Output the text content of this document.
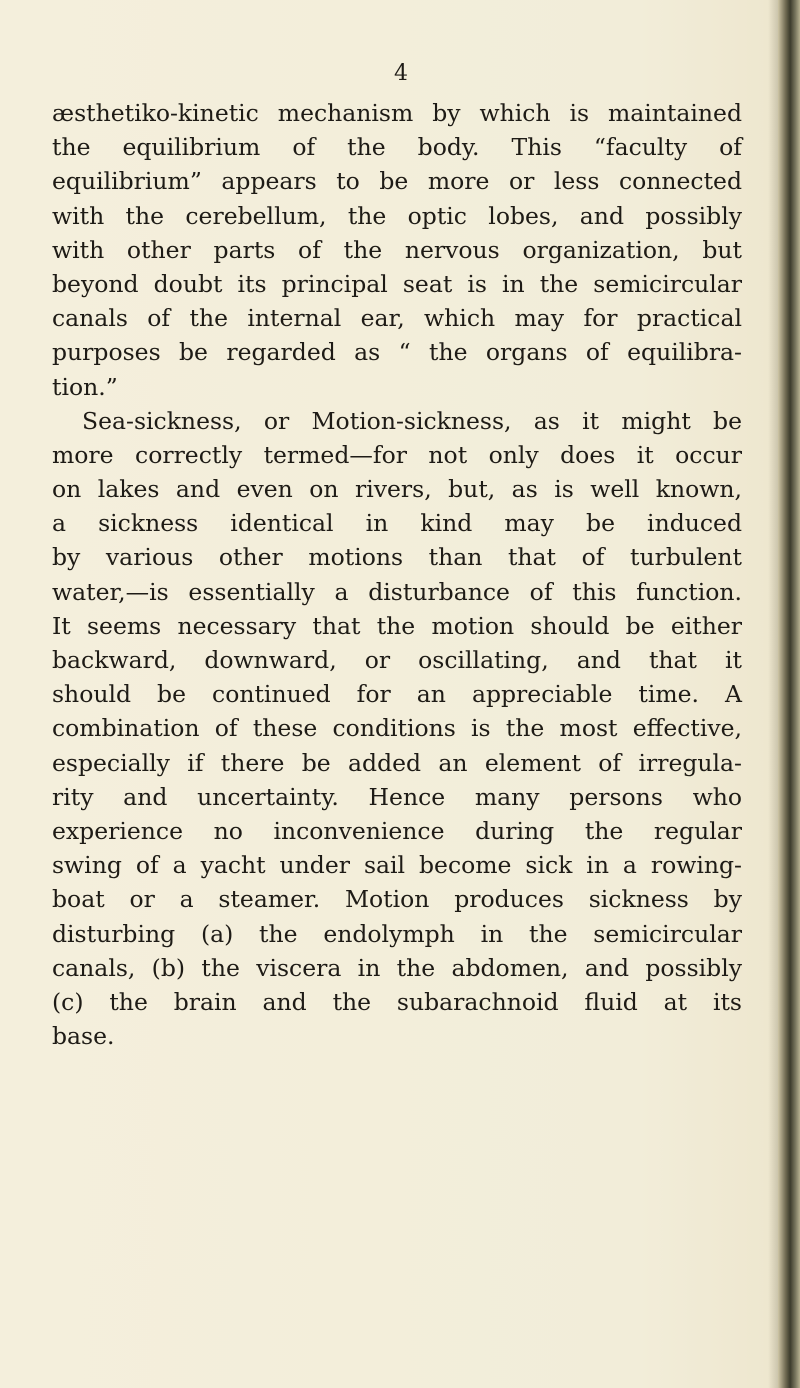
4
æsthetiko-kinetic mechanism by which is maintained
the equilibrium of the body. This “faculty of
equilibrium” appears to be more or less connected
with the cerebellum, the optic lobes, and possibly
with other parts of the nervous organization, but
beyond doubt its principal seat is in the semicircular
canals of the internal ear, which may for practical
purposes be regarded as “ the organs of equilibra-
tion.”
Sea-sickness, or Motion-sickness, as it might be
more correctly termed—for not only does it occur
on lakes and even on rivers, but, as is well known,
a sickness identical in kind may be induced
by various other motions than that of turbulent
water,—is essentially a disturbance of this function.
It seems necessary that the motion should be either
backward, downward, or oscillating, and that it
should be continued for an appreciable time. A
combination of these conditions is the most effective,
especially if there be added an element of irregula-
rity and uncertainty. Hence many persons who
experience no inconvenience during the regular
swing of a yacht under sail become sick in a rowing-
boat or a steamer. Motion produces sickness by
disturbing (a) the endolymph in the semicircular
canals, (b) the viscera in the abdomen, and possibly
(c) the brain and the subarachnoid fluid at its
base.
